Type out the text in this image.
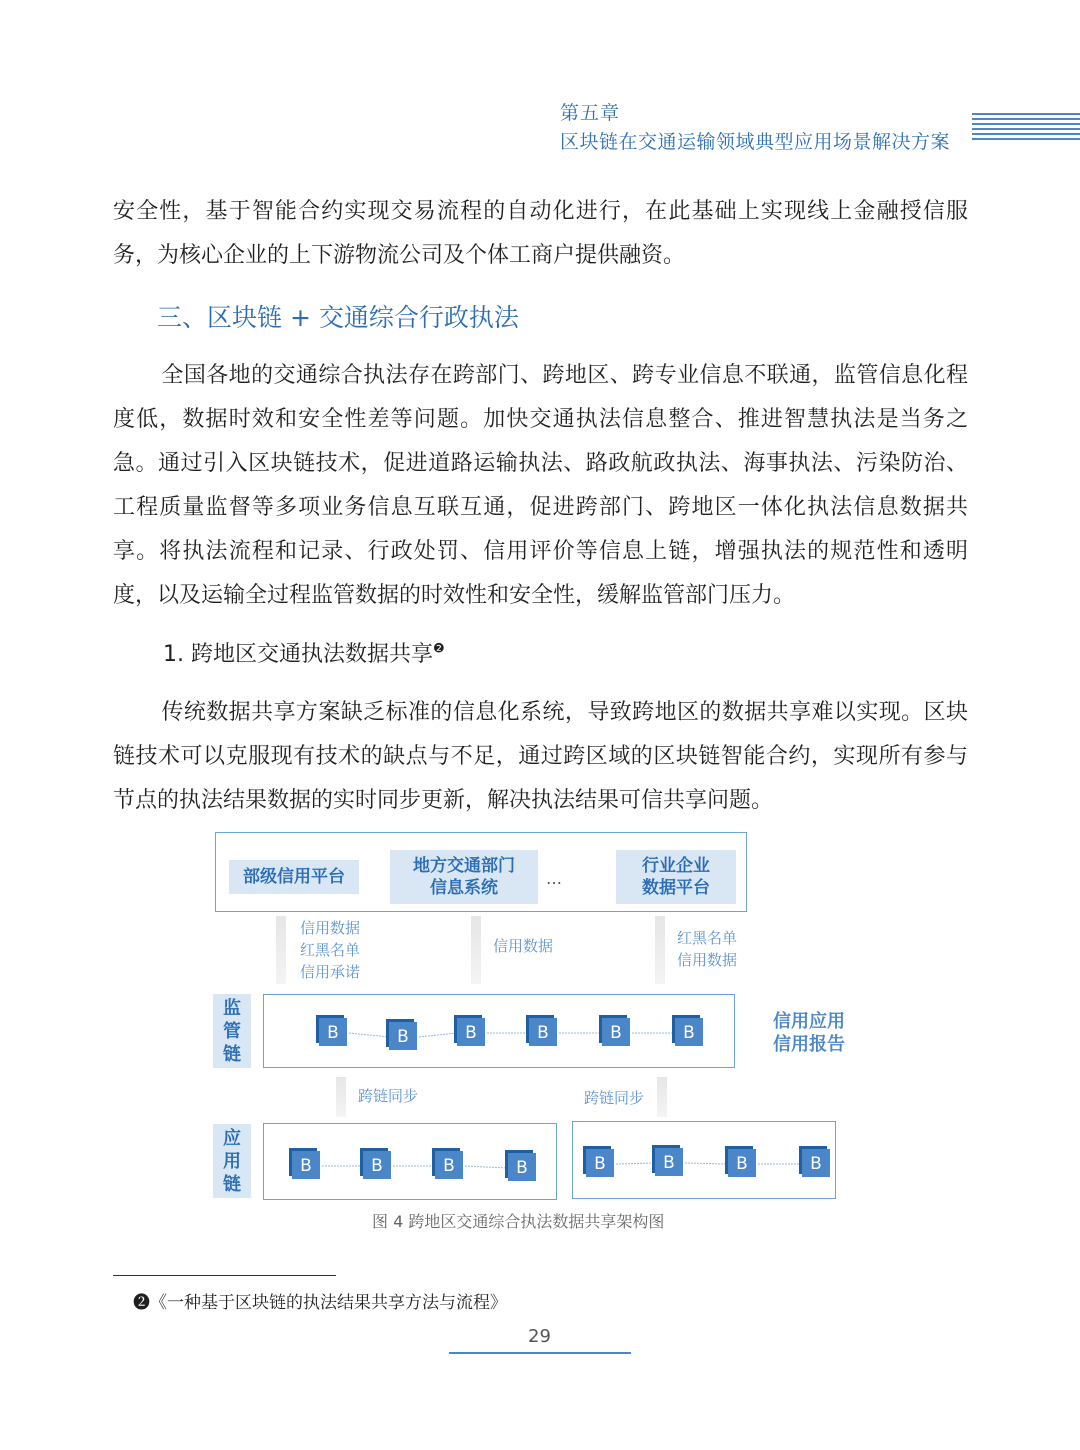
第五章
区块链在交通运输领域典型应用场景解决方案

安全性，基于智能合约实现交易流程的自动化进行，在此基础上实现线上金融授信服务，为核心企业的上下游物流公司及个体工商户提供融资。

三、区块链 + 交通综合行政执法

全国各地的交通综合执法存在跨部门、跨地区、跨专业信息不联通，监管信息化程度低，数据时效和安全性差等问题。加快交通执法信息整合、推进智慧执法是当务之急。通过引入区块链技术，促进道路运输执法、路政航政执法、海事执法、污染防治、工程质量监督等多项业务信息互联互通，促进跨部门、跨地区一体化执法信息数据共享。将执法流程和记录、行政处罚、信用评价等信息上链，增强执法的规范性和透明度，以及运输全过程监管数据的时效性和安全性，缓解监管部门压力。

1. 跨地区交通执法数据共享$^❷$

传统数据共享方案缺乏标准的信息化系统，导致跨地区的数据共享难以实现。区块链技术可以克服现有技术的缺点与不足，通过跨区域的区块链智能合约，实现所有参与节点的执法结果数据的实时同步更新，解决执法结果可信共享问题。

部级信用平台
地方交通部门
信息系统	…
行业企业
数据平台
信用数据
红黑名单
信用承诺
信用数据	红黑名单
信用数据
监
管
链
B	B	B	B	B	B
信用应用
信用报告
跨链同步	跨链同步
应
用
链
B	B	B	B	B	B	B	B
图 4 跨地区交通综合执法数据共享架构图
❷《一种基于区块链的执法结果共享方法与流程》
29
